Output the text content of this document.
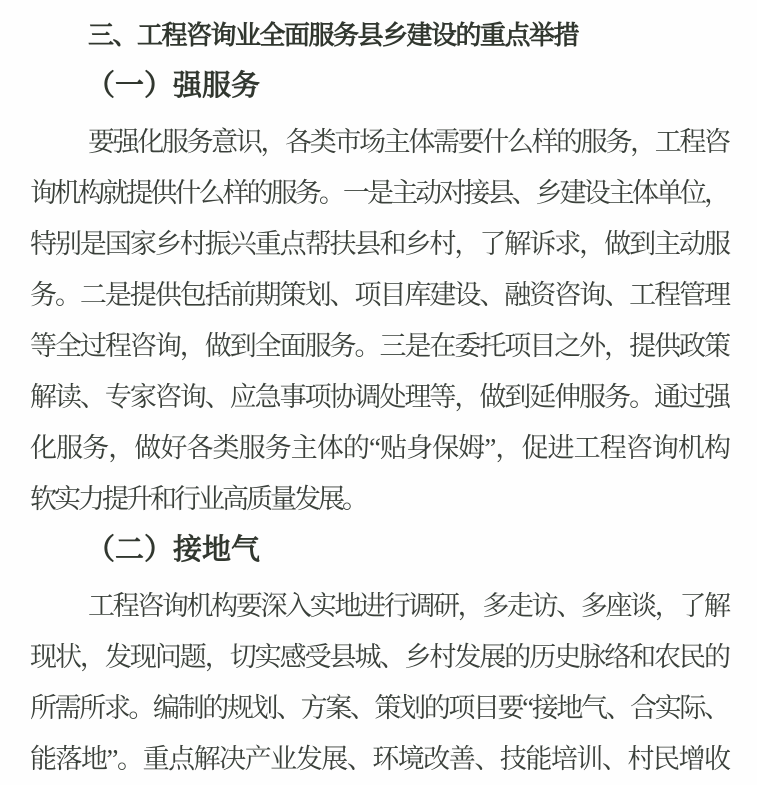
三、工程咨询业全面服务县乡建设的重点举措
（一）强服务
要强化服务意识，各类市场主体需要什么样的服务，工程咨
询机构就提供什么样的服务。一是主动对接县、乡建设主体单位，
特别是国家乡村振兴重点帮扶县和乡村，了解诉求，做到主动服
务。二是提供包括前期策划、项目库建设、融资咨询、工程管理
等全过程咨询，做到全面服务。三是在委托项目之外，提供政策
解读、专家咨询、应急事项协调处理等，做到延伸服务。通过强
化服务，做好各类服务主体的“贴身保姆”，促进工程咨询机构
软实力提升和行业高质量发展。
（二）接地气
工程咨询机构要深入实地进行调研，多走访、多座谈，了解
现状，发现问题，切实感受县城、乡村发展的历史脉络和农民的
所需所求。编制的规划、方案、策划的项目要“接地气、合实际、
能落地”。重点解决产业发展、环境改善、技能培训、村民增收
